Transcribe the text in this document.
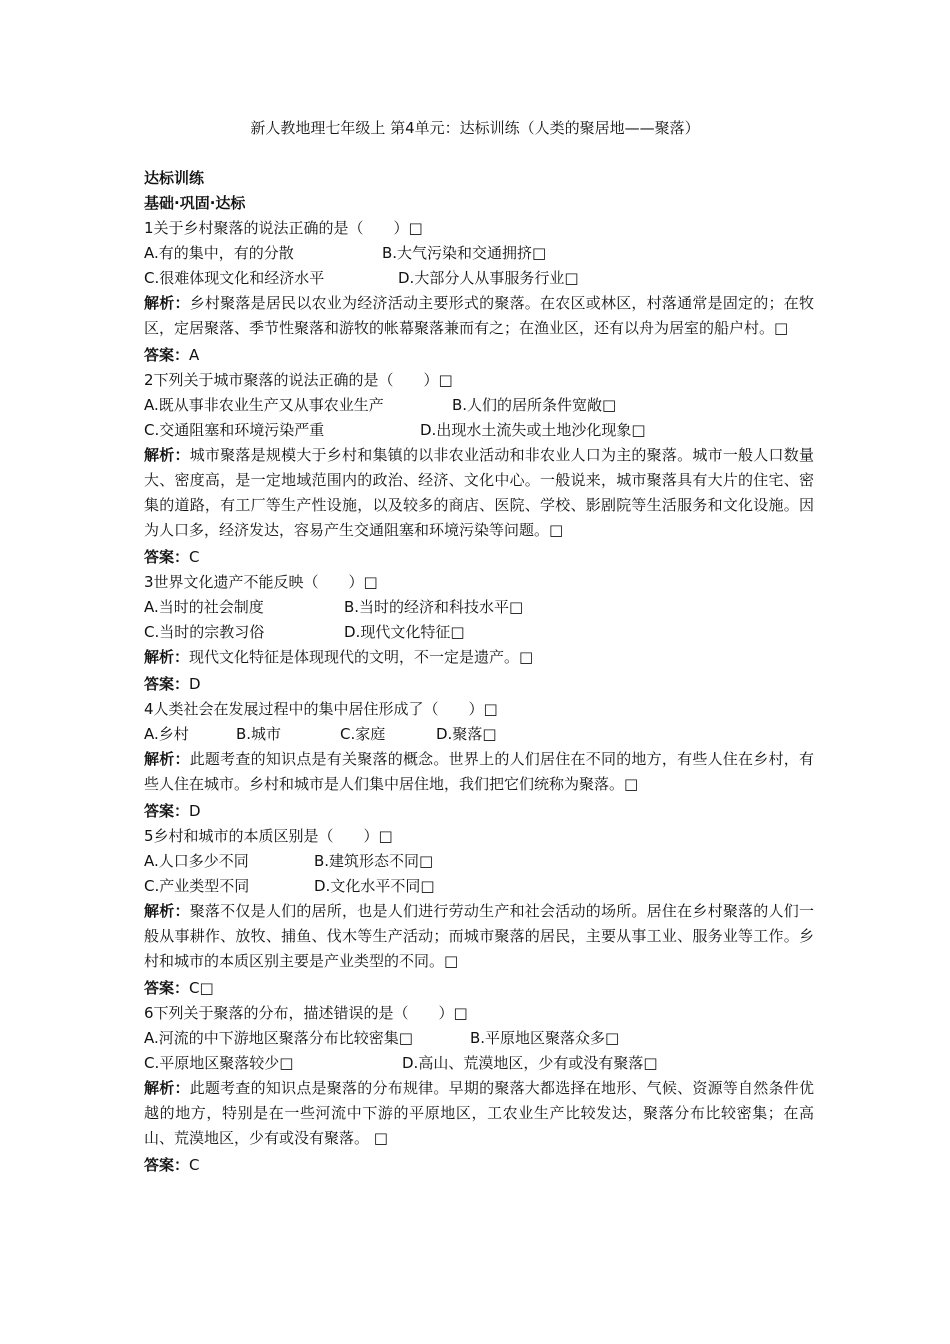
新人教地理七年级上 第4单元：达标训练（人类的聚居地——聚落）
达标训练
基础·巩固·达标
1关于乡村聚落的说法正确的是（　　）□
A.有的集中，有的分散	B.大气污染和交通拥挤□
C.很难体现文化和经济水平	D.大部分人从事服务行业□
解析：乡村聚落是居民以农业为经济活动主要形式的聚落。在农区或林区，村落通常是固定的；在牧区，定居聚落、季节性聚落和游牧的帐幕聚落兼而有之；在渔业区，还有以舟为居室的船户村。□
答案：A
2下列关于城市聚落的说法正确的是（　　）□
A.既从事非农业生产又从事农业生产	B.人们的居所条件宽敞□
C.交通阻塞和环境污染严重	D.出现水土流失或土地沙化现象□
解析：城市聚落是规模大于乡村和集镇的以非农业活动和非农业人口为主的聚落。城市一般人口数量大、密度高，是一定地域范围内的政治、经济、文化中心。一般说来，城市聚落具有大片的住宅、密集的道路，有工厂等生产性设施，以及较多的商店、医院、学校、影剧院等生活服务和文化设施。因为人口多，经济发达，容易产生交通阻塞和环境污染等问题。□
答案：C
3世界文化遗产不能反映（　　）□
A.当时的社会制度	B.当时的经济和科技水平□
C.当时的宗教习俗	D.现代文化特征□
解析：现代文化特征是体现现代的文明，不一定是遗产。□
答案：D
4人类社会在发展过程中的集中居住形成了（　　）□
A.乡村	B.城市	C.家庭	D.聚落□
解析：此题考查的知识点是有关聚落的概念。世界上的人们居住在不同的地方，有些人住在乡村，有些人住在城市。乡村和城市是人们集中居住地，我们把它们统称为聚落。□
答案：D
5乡村和城市的本质区别是（　　）□
A.人口多少不同	B.建筑形态不同□
C.产业类型不同	D.文化水平不同□
解析：聚落不仅是人们的居所，也是人们进行劳动生产和社会活动的场所。居住在乡村聚落的人们一般从事耕作、放牧、捕鱼、伐木等生产活动；而城市聚落的居民，主要从事工业、服务业等工作。乡村和城市的本质区别主要是产业类型的不同。□
答案：C□
6下列关于聚落的分布，描述错误的是（　　）□
A.河流的中下游地区聚落分布比较密集□	B.平原地区聚落众多□
C.平原地区聚落较少□	D.高山、荒漠地区，少有或没有聚落□
解析：此题考查的知识点是聚落的分布规律。早期的聚落大都选择在地形、气候、资源等自然条件优越的地方，特别是在一些河流中下游的平原地区，工农业生产比较发达，聚落分布比较密集；在高山、荒漠地区，少有或没有聚落。 □
答案：C
